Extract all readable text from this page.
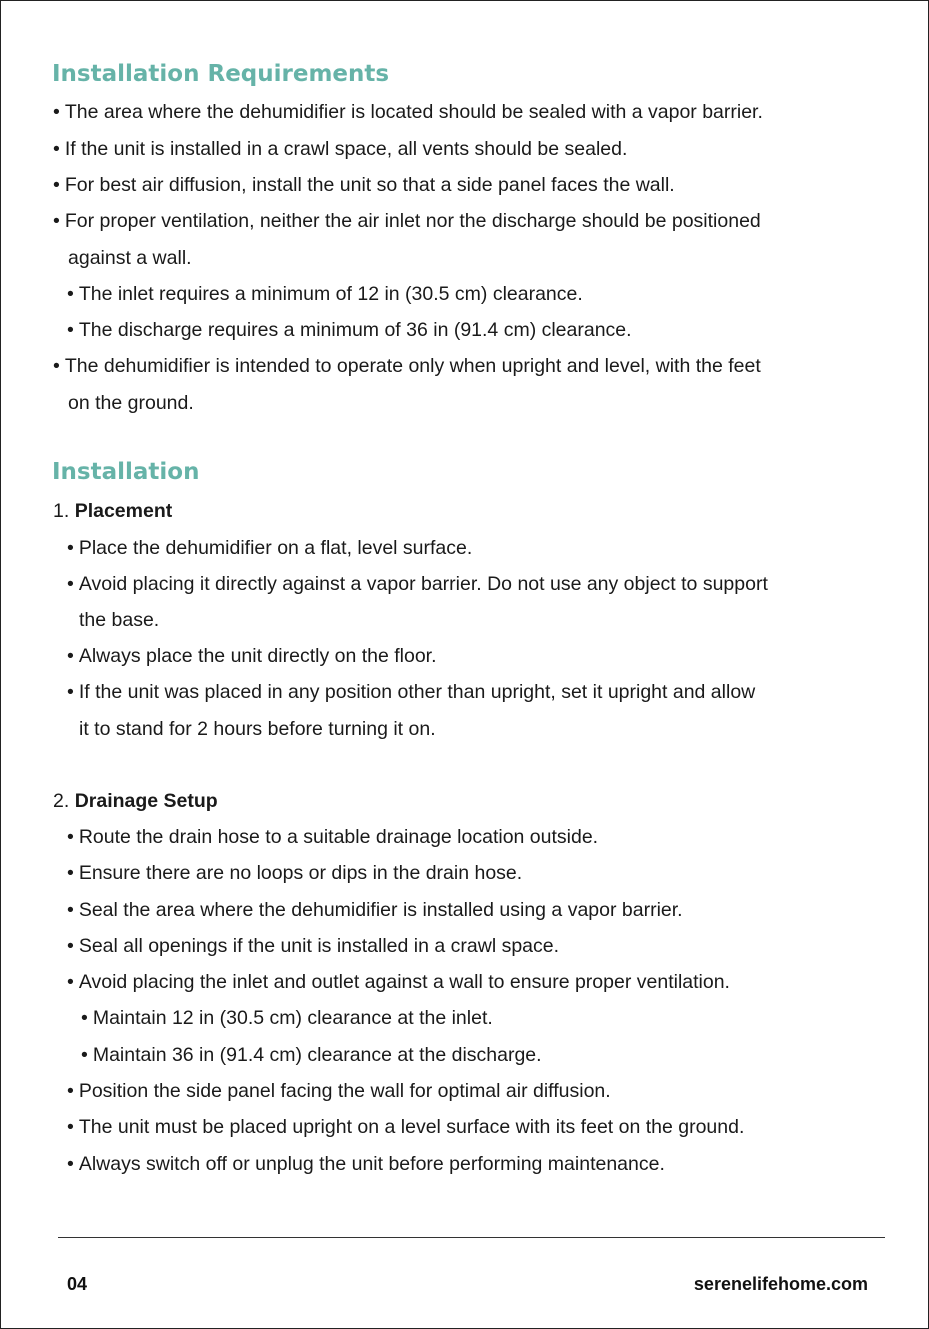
Installation Requirements
• The area where the dehumidifier is located should be sealed with a vapor barrier.
• If the unit is installed in a crawl space, all vents should be sealed.
• For best air diffusion, install the unit so that a side panel faces the wall.
• For proper ventilation, neither the air inlet nor the discharge should be positioned
against a wall.
• The inlet requires a minimum of 12 in (30.5 cm) clearance.
• The discharge requires a minimum of 36 in (91.4 cm) clearance.
• The dehumidifier is intended to operate only when upright and level, with the feet
on the ground.
Installation
1. Placement
• Place the dehumidifier on a flat, level surface.
• Avoid placing it directly against a vapor barrier. Do not use any object to support
the base.
• Always place the unit directly on the floor.
• If the unit was placed in any position other than upright, set it upright and allow
it to stand for 2 hours before turning it on.
2. Drainage Setup
• Route the drain hose to a suitable drainage location outside.
• Ensure there are no loops or dips in the drain hose.
• Seal the area where the dehumidifier is installed using a vapor barrier.
• Seal all openings if the unit is installed in a crawl space.
• Avoid placing the inlet and outlet against a wall to ensure proper ventilation.
• Maintain 12 in (30.5 cm) clearance at the inlet.
• Maintain 36 in (91.4 cm) clearance at the discharge.
• Position the side panel facing the wall for optimal air diffusion.
• The unit must be placed upright on a level surface with its feet on the ground.
• Always switch off or unplug the unit before performing maintenance.
04	serenelifehome.com
